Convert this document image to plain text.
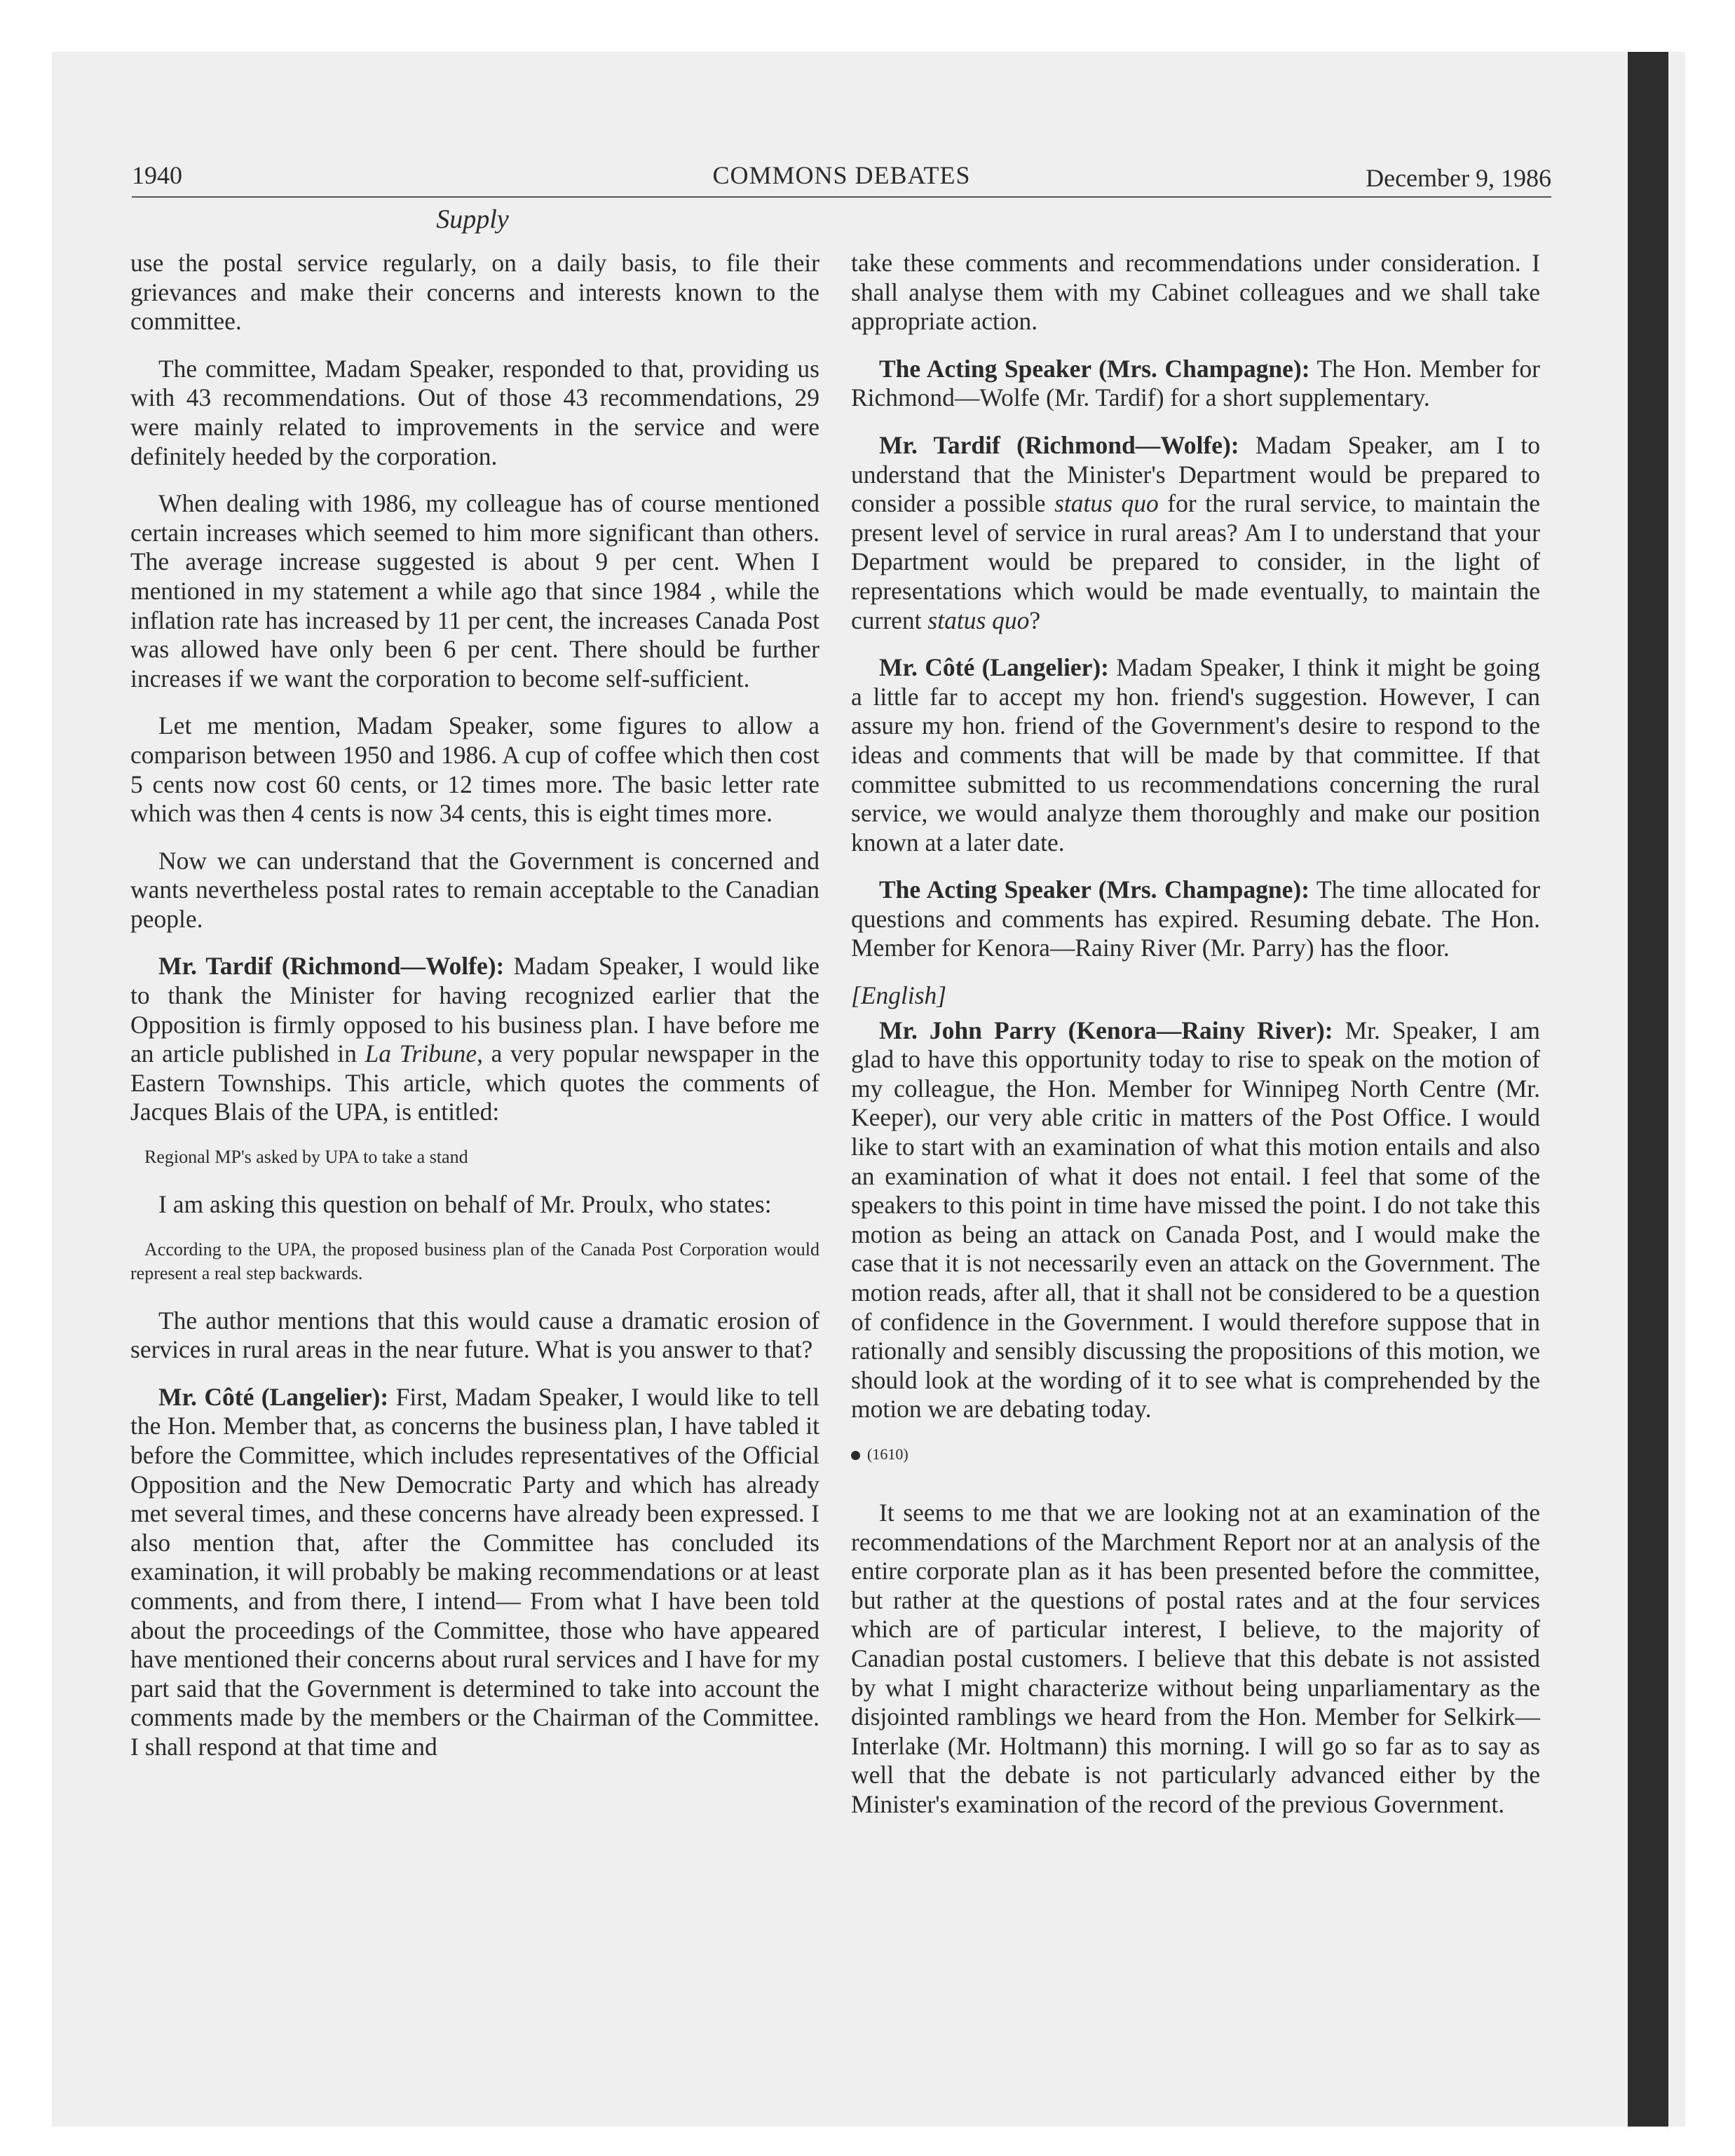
1940	COMMONS DEBATES	December 9, 1986
Supply

use the postal service regularly, on a daily basis, to file their grievances and make their concerns and interests known to the committee.

The committee, Madam Speaker, responded to that, providing us with 43 recommendations. Out of those 43 recommendations, 29 were mainly related to improvements in the service and were definitely heeded by the corporation.

When dealing with 1986, my colleague has of course mentioned certain increases which seemed to him more significant than others. The average increase suggested is about 9 per cent. When I mentioned in my statement a while ago that since 1984 , while the inflation rate has increased by 11 per cent, the increases Canada Post was allowed have only been 6 per cent. There should be further increases if we want the corporation to become self-sufficient.

Let me mention, Madam Speaker, some figures to allow a comparison between 1950 and 1986. A cup of coffee which then cost 5 cents now cost 60 cents, or 12 times more. The basic letter rate which was then 4 cents is now 34 cents, this is eight times more.

Now we can understand that the Government is concerned and wants nevertheless postal rates to remain acceptable to the Canadian people.

Mr. Tardif (Richmond—Wolfe): Madam Speaker, I would like to thank the Minister for having recognized earlier that the Opposition is firmly opposed to his business plan. I have before me an article published in La Tribune, a very popular newspaper in the Eastern Townships. This article, which quotes the comments of Jacques Blais of the UPA, is entitled:

Regional MP's asked by UPA to take a stand

I am asking this question on behalf of Mr. Proulx, who states:

According to the UPA, the proposed business plan of the Canada Post Corporation would represent a real step backwards.

The author mentions that this would cause a dramatic erosion of services in rural areas in the near future. What is you answer to that?

Mr. Côté (Langelier): First, Madam Speaker, I would like to tell the Hon. Member that, as concerns the business plan, I have tabled it before the Committee, which includes representatives of the Official Opposition and the New Democratic Party and which has already met several times, and these concerns have already been expressed. I also mention that, after the Committee has concluded its examination, it will probably be making recommendations or at least comments, and from there, I intend— From what I have been told about the proceedings of the Committee, those who have appeared have mentioned their concerns about rural services and I have for my part said that the Government is determined to take into account the comments made by the members or the Chairman of the Committee. I shall respond at that time and

take these comments and recommendations under consideration. I shall analyse them with my Cabinet colleagues and we shall take appropriate action.

The Acting Speaker (Mrs. Champagne): The Hon. Member for Richmond—Wolfe (Mr. Tardif) for a short supplementary.

Mr. Tardif (Richmond—Wolfe): Madam Speaker, am I to understand that the Minister's Department would be prepared to consider a possible status quo for the rural service, to maintain the present level of service in rural areas? Am I to understand that your Department would be prepared to consider, in the light of representations which would be made eventually, to maintain the current status quo?

Mr. Côté (Langelier): Madam Speaker, I think it might be going a little far to accept my hon. friend's suggestion. However, I can assure my hon. friend of the Government's desire to respond to the ideas and comments that will be made by that committee. If that committee submitted to us recommendations concerning the rural service, we would analyze them thoroughly and make our position known at a later date.

The Acting Speaker (Mrs. Champagne): The time allocated for questions and comments has expired. Resuming debate. The Hon. Member for Kenora—Rainy River (Mr. Parry) has the floor.

[English]

Mr. John Parry (Kenora—Rainy River): Mr. Speaker, I am glad to have this opportunity today to rise to speak on the motion of my colleague, the Hon. Member for Winnipeg North Centre (Mr. Keeper), our very able critic in matters of the Post Office. I would like to start with an examination of what this motion entails and also an examination of what it does not entail. I feel that some of the speakers to this point in time have missed the point. I do not take this motion as being an attack on Canada Post, and I would make the case that it is not necessarily even an attack on the Government. The motion reads, after all, that it shall not be considered to be a question of confidence in the Government. I would therefore suppose that in rationally and sensibly discussing the propositions of this motion, we should look at the wording of it to see what is comprehended by the motion we are debating today.

(1610)

It seems to me that we are looking not at an examination of the recommendations of the Marchment Report nor at an analysis of the entire corporate plan as it has been presented before the committee, but rather at the questions of postal rates and at the four services which are of particular interest, I believe, to the majority of Canadian postal customers. I believe that this debate is not assisted by what I might characterize without being unparliamentary as the disjointed ramblings we heard from the Hon. Member for Selkirk—Interlake (Mr. Holtmann) this morning. I will go so far as to say as well that the debate is not particularly advanced either by the Minister's examination of the record of the previous Government.
